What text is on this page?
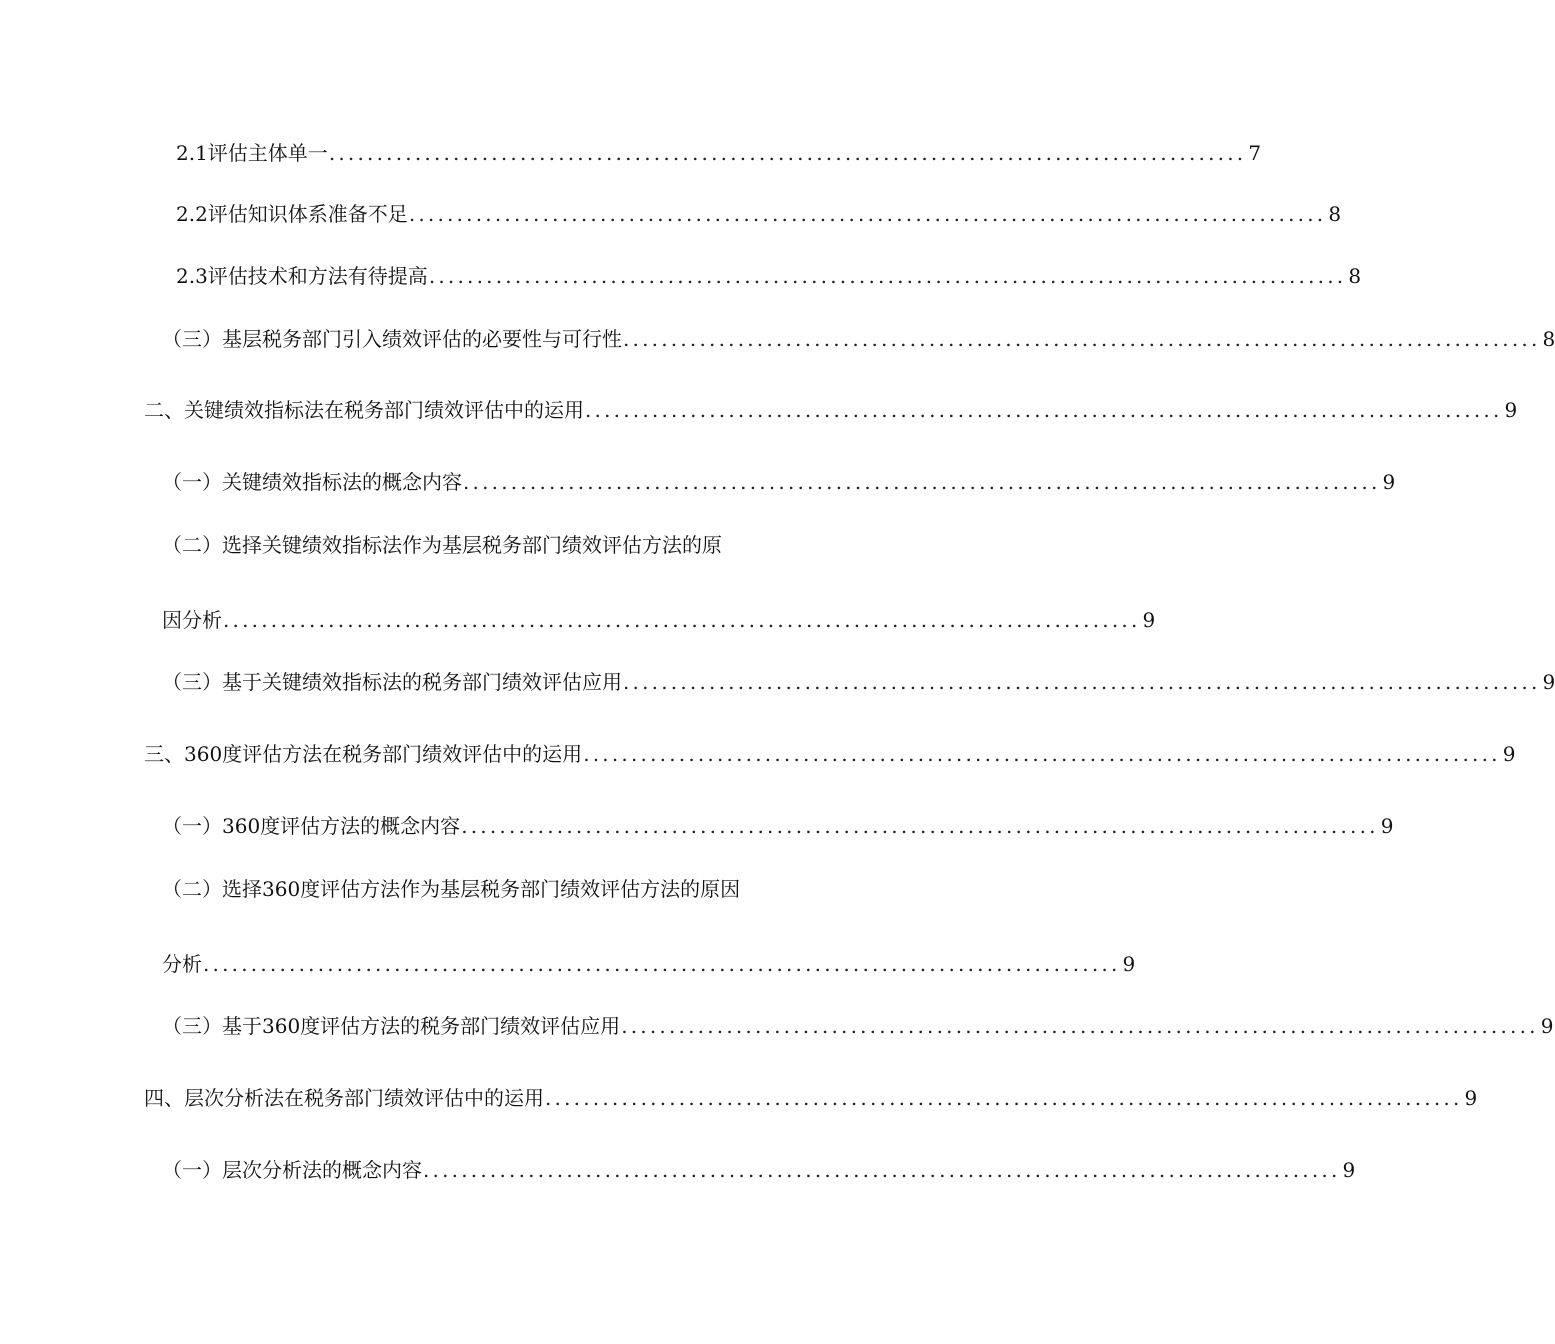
2.1评估主体单一 ................................................................................................ 7
2.2评估知识体系准备不足 ................................................................................................ 8
2.3评估技术和方法有待提高 ................................................................................................ 8
（三）基层税务部门引入绩效评估的必要性与可行性 ................................................................................................ 8
二、关键绩效指标法在税务部门绩效评估中的运用 ................................................................................................ 9
（一）关键绩效指标法的概念内容 ................................................................................................ 9
（二）选择关键绩效指标法作为基层税务部门绩效评估方法的原
因分析 ................................................................................................ 9
（三）基于关键绩效指标法的税务部门绩效评估应用 ................................................................................................ 9
三、360度评估方法在税务部门绩效评估中的运用 ................................................................................................ 9
（一）360度评估方法的概念内容 ................................................................................................ 9
（二）选择360度评估方法作为基层税务部门绩效评估方法的原因
分析 ................................................................................................ 9
（三）基于360度评估方法的税务部门绩效评估应用 ................................................................................................ 9
四、层次分析法在税务部门绩效评估中的运用 ................................................................................................ 9
（一）层次分析法的概念内容 ................................................................................................ 9
